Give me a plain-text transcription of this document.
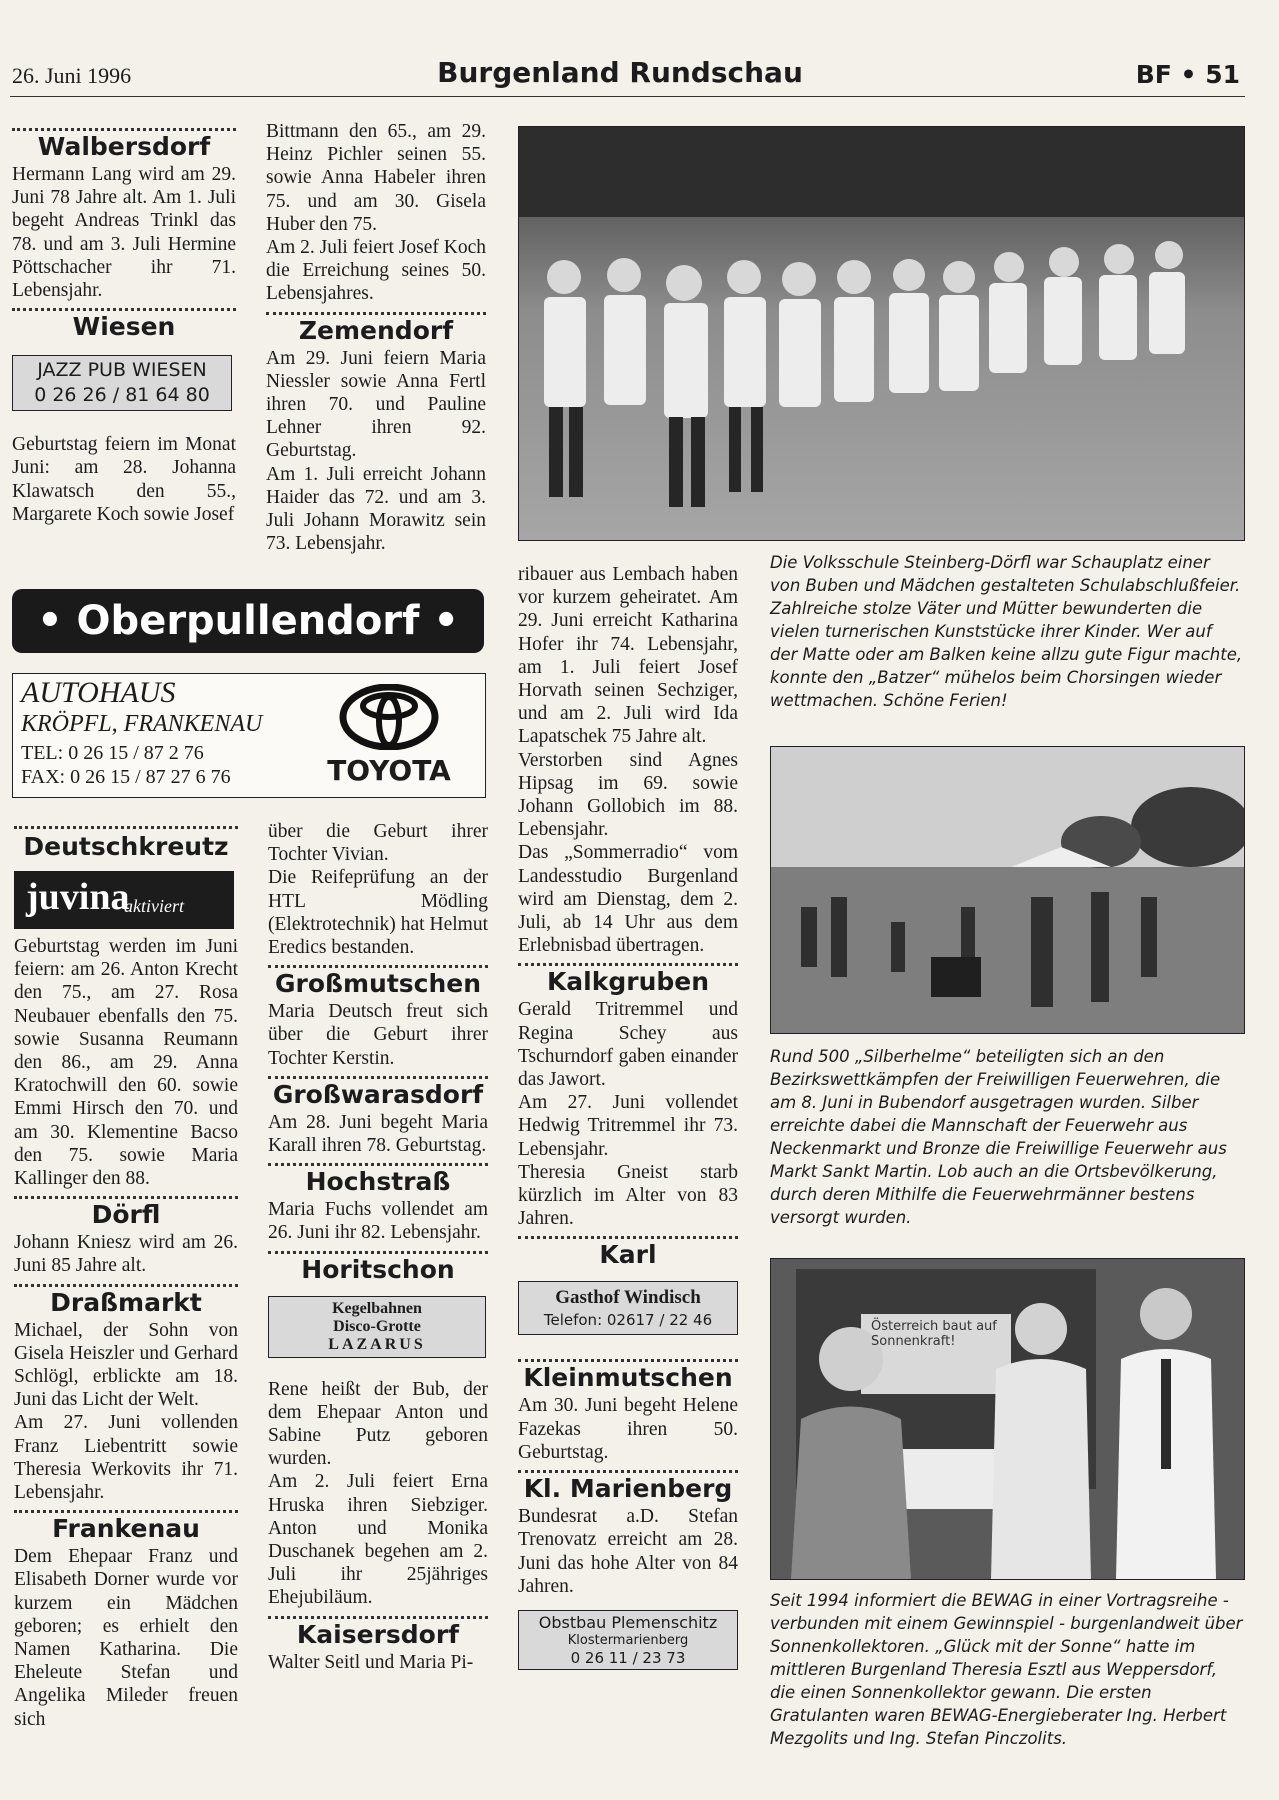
26. Juni 1996	Burgenland Rundschau	BF • 51
Walbersdorf

Hermann Lang wird am 29. Juni 78 Jahre alt. Am 1. Juli begeht Andreas Trinkl das 78. und am 3. Juli Hermine Pöttschacher ihr 71. Lebensjahr.

Wiesen
JAZZ PUB WIESEN
0 26 26 / 81 64 80

Geburtstag feiern im Monat Juni: am 28. Johanna Klawatsch den 55., Margarete Koch sowie Josef

Bittmann den 65., am 29. Heinz Pichler seinen 55. sowie Anna Habeler ihren 75. und am 30. Gisela Huber den 75.

Am 2. Juli feiert Josef Koch die Erreichung seines 50. Lebensjahres.

Zemendorf

Am 29. Juni feiern Maria Niessler sowie Anna Fertl ihren 70. und Pauline Lehner ihren 92. Geburtstag.

Am 1. Juli erreicht Johann Haider das 72. und am 3. Juli Johann Morawitz sein 73. Lebensjahr.

• Oberpullendorf •
AUTOHAUS
KRÖPFL, FRANKENAU
TEL: 0 26 15 / 87 2 76
FAX: 0 26 15 / 87 27 6 76	TOYOTA

Die Volksschule Steinberg-Dörfl war Schauplatz einer von Buben und Mädchen gestalteten Schulabschlußfeier. Zahlreiche stolze Väter und Mütter bewunderten die vielen turnerischen Kunststücke ihrer Kinder. Wer auf der Matte oder am Balken keine allzu gute Figur machte, konnte den „Batzer“ mühelos beim Chorsingen wieder wettmachen. Schöne Ferien!

Rund 500 „Silberhelme“ beteiligten sich an den Bezirkswettkämpfen der Freiwilligen Feuerwehren, die am 8. Juni in Bubendorf ausgetragen wurden. Silber erreichte dabei die Mannschaft der Feuerwehr aus Neckenmarkt und Bronze die Freiwillige Feuerwehr aus Markt Sankt Martin. Lob auch an die Ortsbevölkerung, durch deren Mithilfe die Feuerwehrmänner bestens versorgt wurden.

Österreich baut auf Sonnenkraft!

Seit 1994 informiert die BEWAG in einer Vortragsreihe - verbunden mit einem Gewinnspiel - burgenlandweit über Sonnenkollektoren. „Glück mit der Sonne“ hatte im mittleren Burgenland Theresia Esztl aus Weppersdorf, die einen Sonnenkollektor gewann. Die ersten Gratulanten waren BEWAG-Energieberater Ing. Herbert Mezgolits und Ing. Stefan Pinczolits.

Deutschkreutz
juvina
aktiviert

Geburtstag werden im Juni feiern: am 26. Anton Krecht den 75., am 27. Rosa Neubauer ebenfalls den 75. sowie Susanna Reumann den 86., am 29. Anna Kratochwill den 60. sowie Emmi Hirsch den 70. und am 30. Klementine Bacso den 75. sowie Maria Kallinger den 88.

Dörfl

Johann Kniesz wird am 26. Juni 85 Jahre alt.

Draßmarkt

Michael, der Sohn von Gisela Heiszler und Gerhard Schlögl, erblickte am 18. Juni das Licht der Welt.

Am 27. Juni vollenden Franz Liebentritt sowie Theresia Werkovits ihr 71. Lebensjahr.

Frankenau

Dem Ehepaar Franz und Elisabeth Dorner wurde vor kurzem ein Mädchen geboren; es erhielt den Namen Katharina. Die Eheleute Stefan und Angelika Mileder freuen sich

über die Geburt ihrer Tochter Vivian.

Die Reifeprüfung an der HTL Mödling (Elektrotechnik) hat Helmut Eredics bestanden.

Großmutschen

Maria Deutsch freut sich über die Geburt ihrer Tochter Kerstin.

Großwarasdorf

Am 28. Juni begeht Maria Karall ihren 78. Geburtstag.

Hochstraß

Maria Fuchs vollendet am 26. Juni ihr 82. Lebensjahr.

Horitschon
Kegelbahnen
Disco-Grotte
LAZARUS

Rene heißt der Bub, der dem Ehepaar Anton und Sabine Putz geboren wurden.

Am 2. Juli feiert Erna Hruska ihren Siebziger. Anton und Monika Duschanek begehen am 2. Juli ihr 25jähriges Ehejubiläum.

Kaisersdorf

Walter Seitl und Maria Pi-

ribauer aus Lembach haben vor kurzem geheiratet. Am 29. Juni erreicht Katharina Hofer ihr 74. Lebensjahr, am 1. Juli feiert Josef Horvath seinen Sechziger, und am 2. Juli wird Ida Lapatschek 75 Jahre alt.

Verstorben sind Agnes Hipsag im 69. sowie Johann Gollobich im 88. Lebensjahr.

Das „Sommerradio“ vom Landesstudio Burgenland wird am Dienstag, dem 2. Juli, ab 14 Uhr aus dem Erlebnisbad übertragen.

Kalkgruben

Gerald Tritremmel und Regina Schey aus Tschurndorf gaben einander das Jawort.

Am 27. Juni vollendet Hedwig Tritremmel ihr 73. Lebensjahr.

Theresia Gneist starb kürzlich im Alter von 83 Jahren.

Karl
Gasthof Windisch
Telefon: 02617 / 22 46
Kleinmutschen

Am 30. Juni begeht Helene Fazekas ihren 50. Geburtstag.

Kl. Marienberg

Bundesrat a.D. Stefan Trenovatz erreicht am 28. Juni das hohe Alter von 84 Jahren.

Obstbau Plemenschitz
Klostermarienberg
0 26 11 / 23 73
